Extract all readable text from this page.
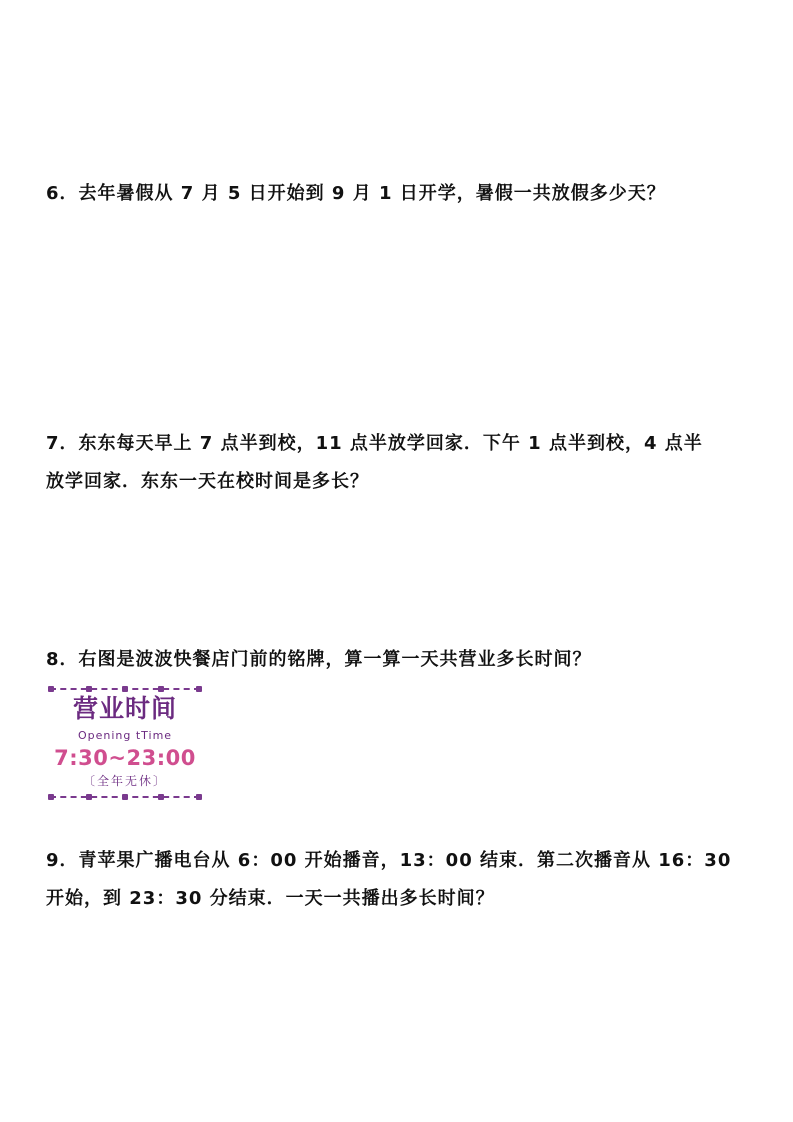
6．去年暑假从 7 月 5 日开始到 9 月 1 日开学，暑假一共放假多少天？
7．东东每天早上 7 点半到校，11 点半放学回家．下午 1 点半到校，4 点半
放学回家．东东一天在校时间是多长？
8．右图是波波快餐店门前的铭牌，算一算一天共营业多长时间？
营业时间
Opening tTime
7:30~23:00
〔全年无休〕
9．青苹果广播电台从 6：00 开始播音，13：00 结束．第二次播音从 16：30
开始，到 23：30 分结束．一天一共播出多长时间？
